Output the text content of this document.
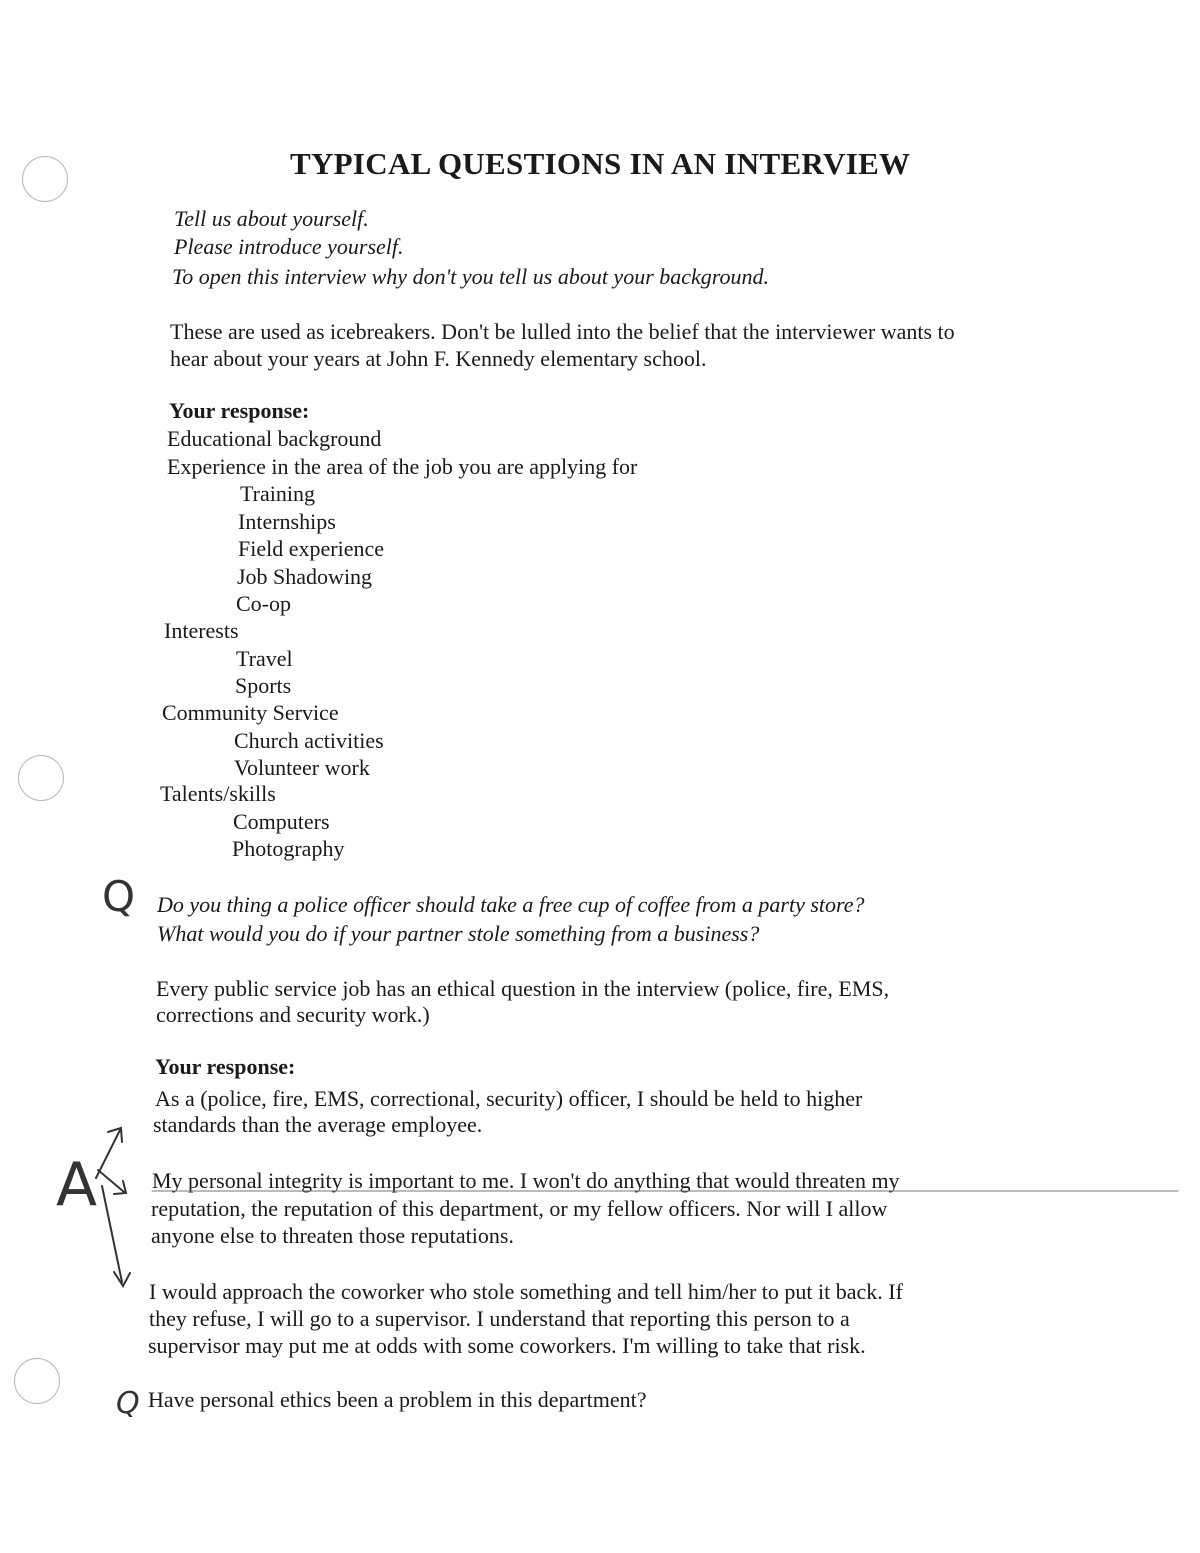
TYPICAL QUESTIONS IN AN INTERVIEW

Tell us about yourself.

Please introduce yourself.

To open this interview why don't you tell us about your background.

These are used as icebreakers. Don't be lulled into the belief that the interviewer wants to

hear about your years at John F. Kennedy elementary school.

Your response:

Educational background

Experience in the area of the job you are applying for

Training

Internships

Field experience

Job Shadowing

Co-op

Interests

Travel

Sports

Community Service

Church activities

Volunteer work

Talents/skills

Computers

Photography

Q Do you thing a police officer should take a free cup of coffee from a party store?

What would you do if your partner stole something from a business?

Every public service job has an ethical question in the interview (police, fire, EMS,

corrections and security work.)

Your response:

As a (police, fire, EMS, correctional, security) officer, I should be held to higher

standards than the average employee.

My personal integrity is important to me. I won't do anything that would threaten my

reputation, the reputation of this department, or my fellow officers. Nor will I allow

anyone else to threaten those reputations.

I would approach the coworker who stole something and tell him/her to put it back. If

they refuse, I will go to a supervisor. I understand that reporting this person to a

supervisor may put me at odds with some coworkers. I'm willing to take that risk.

A
Q Have personal ethics been a problem in this department?
